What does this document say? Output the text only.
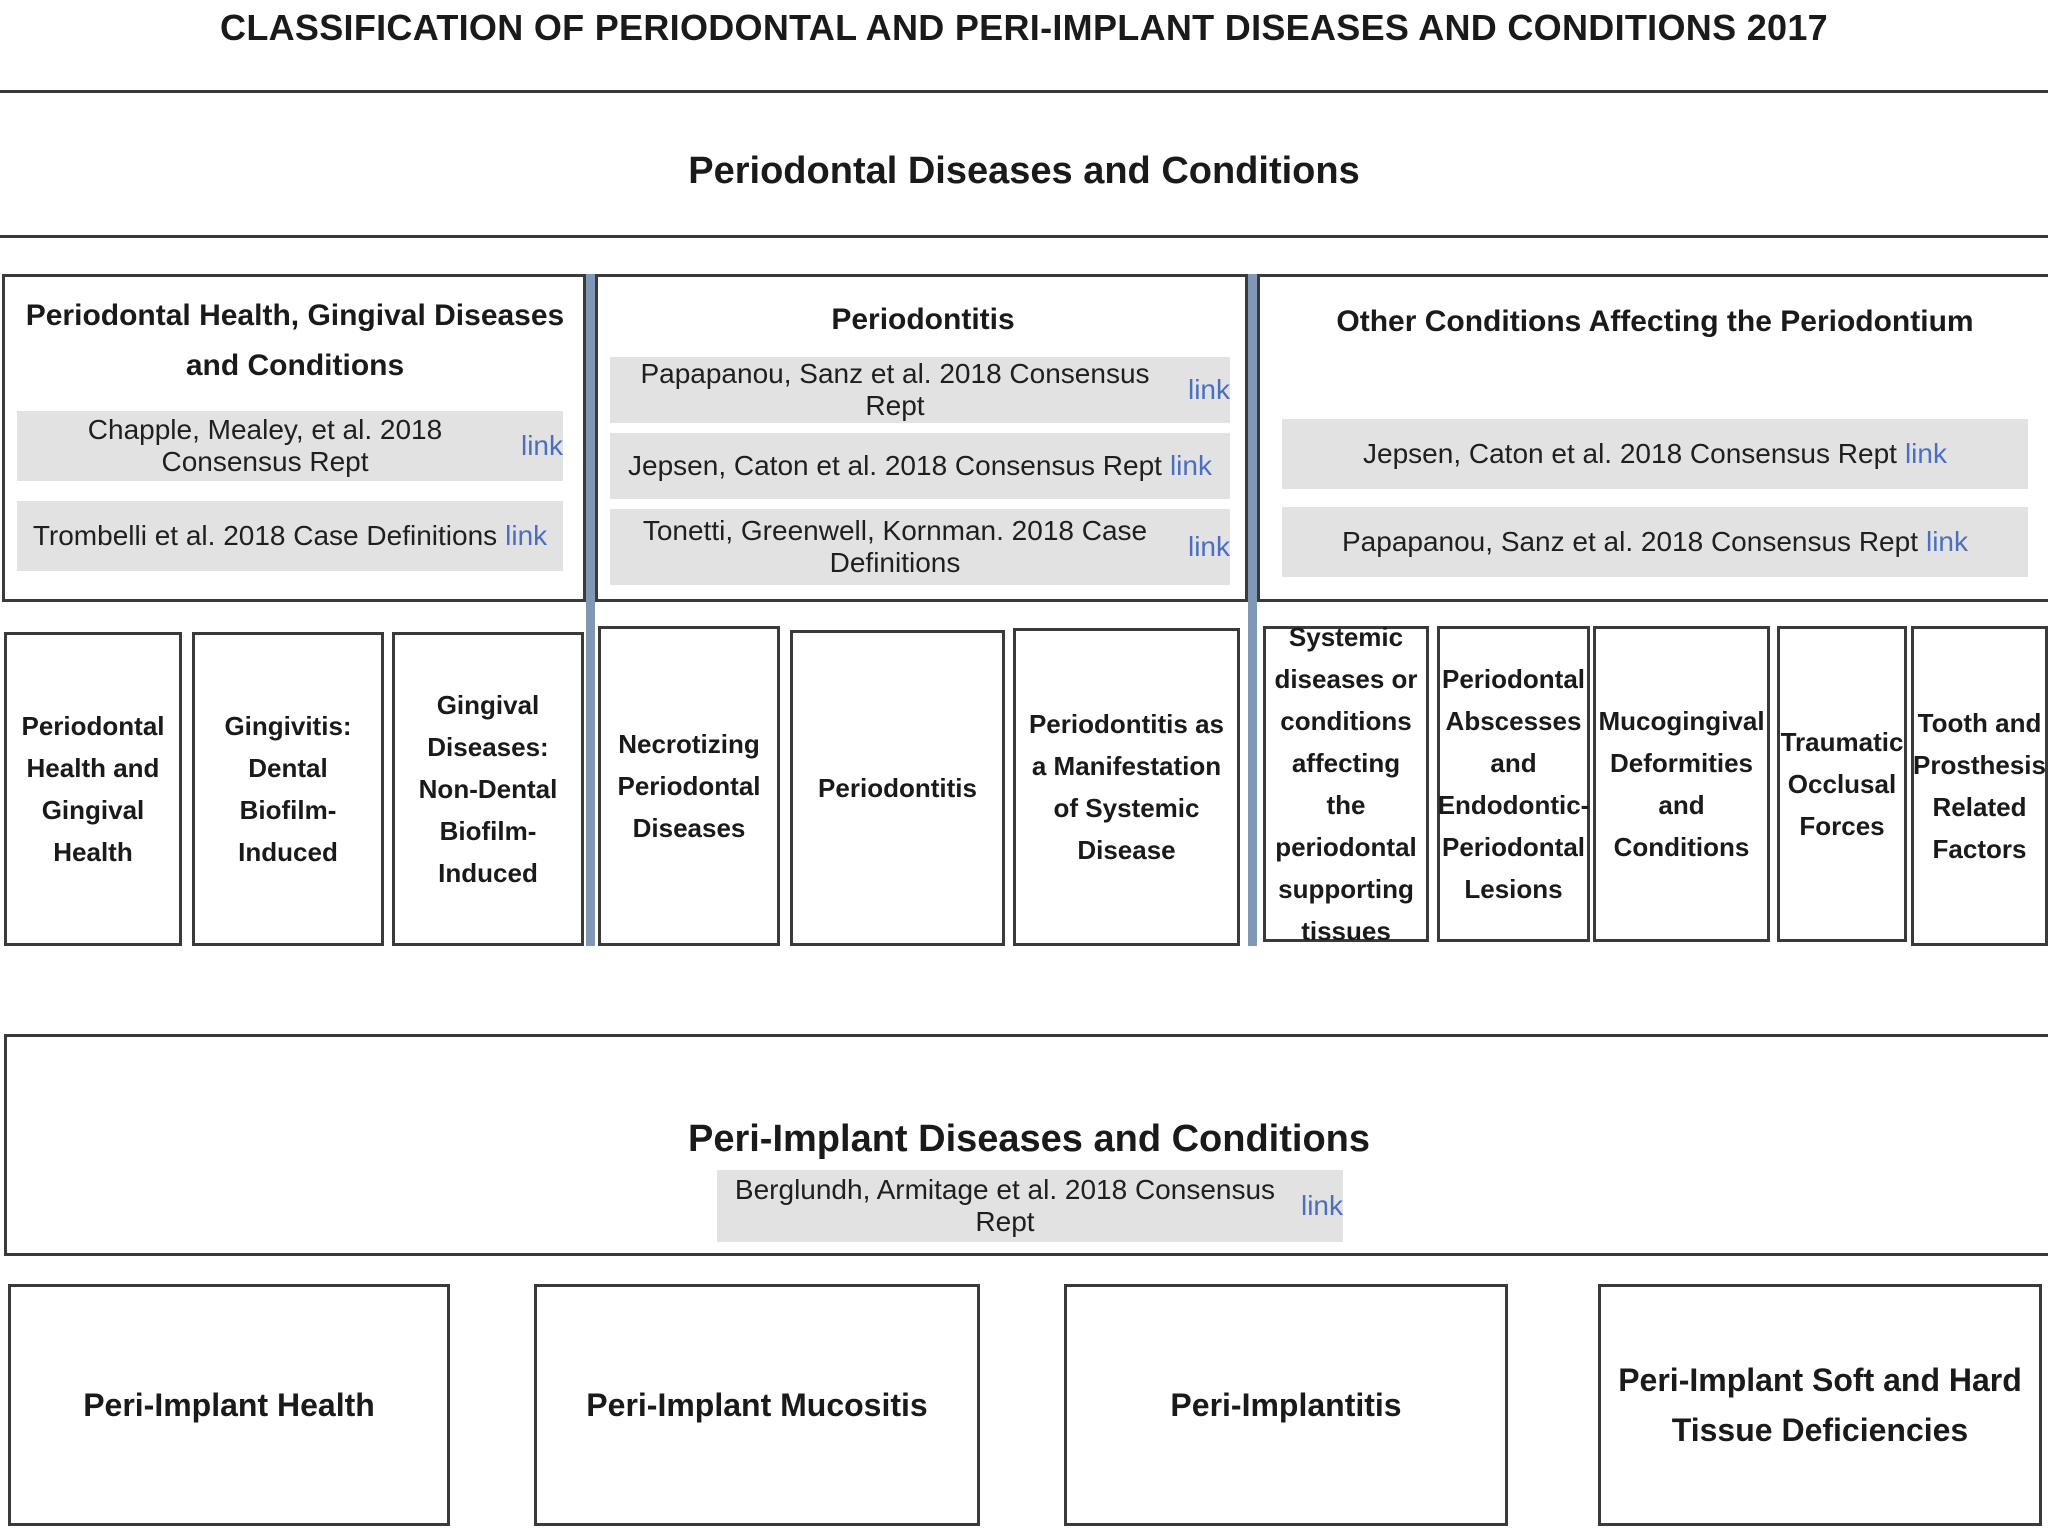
CLASSIFICATION OF PERIODONTAL AND PERI-IMPLANT DISEASES AND CONDITIONS 2017
Periodontal Diseases and Conditions
Periodontal Health, Gingival Diseases and Conditions
Chapple, Mealey, et al. 2018 Consensus Rept
link
Trombelli et al. 2018 Case Definitions link
Periodontitis
Papapanou, Sanz et al. 2018 Consensus Rept
link
Jepsen, Caton et al. 2018 Consensus Rept link
Tonetti, Greenwell, Kornman. 2018 Case Definitions
link
Other Conditions Affecting the Periodontium
Jepsen, Caton et al. 2018 Consensus Rept link
Papapanou, Sanz et al. 2018 Consensus Rept link
Periodontal Health and Gingival Health
Gingivitis: Dental Biofilm-Induced
Gingival Diseases: Non-Dental Biofilm-Induced
Necrotizing Periodontal Diseases
Periodontitis
Periodontitis as a Manifestation of Systemic Disease
Systemic diseases or conditions affecting the periodontal supporting tissues
Periodontal Abscesses and Endodontic-Periodontal Lesions
Mucogingival Deformities and Conditions
Traumatic Occlusal Forces
Tooth and Prosthesis Related Factors
Peri-Implant Diseases and Conditions
Berglundh, Armitage et al. 2018 Consensus Rept
link
Peri-Implant Health	Peri-Implant Mucositis	Peri-Implantitis
Peri-Implant Soft and Hard Tissue Deficiencies
